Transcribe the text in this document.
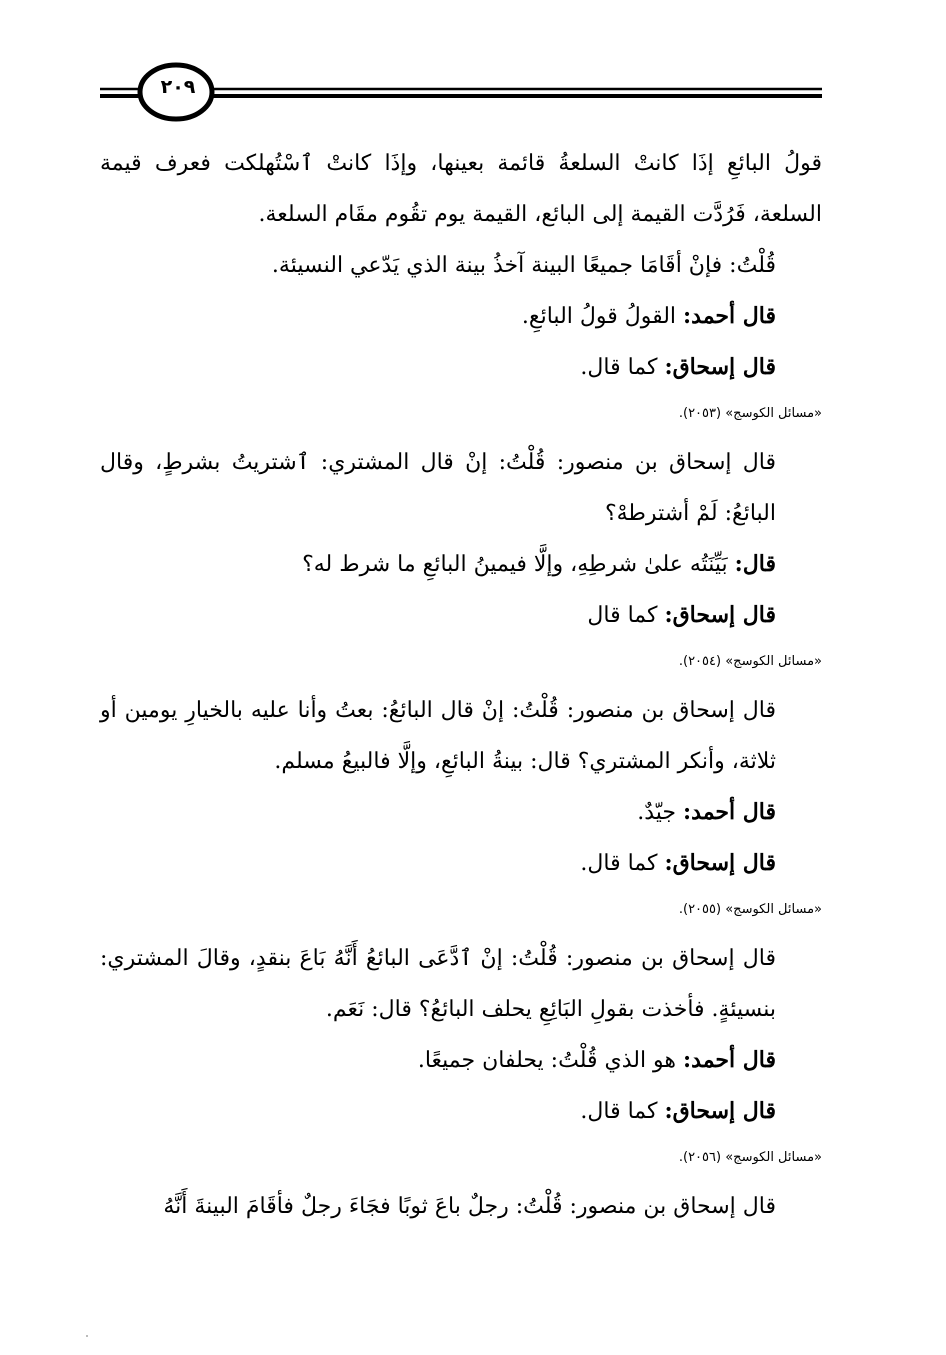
٢٠٩

قولُ البائعِ إذَا كانتْ السلعةُ قائمة بعينها، وإذَا كانتْ ٱسْتُهلكت فعرف قيمة السلعة، فَرُدَّت القيمة إلى البائع، القيمة يوم تقُوم مقَام السلعة.

قُلْتُ: فإنْ أقَامَا جميعًا البينة آخذُ بينة الذي يَدّعي النسيئة.

قال أحمد: القولُ قولُ البائعِ.

قال إسحاق: كما قال.

«مسائل الكوسج» (٢٠٥٣).

قال إسحاق بن منصور: قُلْتُ: إنْ قال المشتري: ٱشتريتُ بشرطٍ، وقال البائعُ: لَمْ أشترطهْ؟

قال: بَيِّنَتُه علىٰ شرطِهِ، وإلَّا فيمينُ البائعِ ما شرط له؟

قال إسحاق: كما قال

«مسائل الكوسج» (٢٠٥٤).

قال إسحاق بن منصور: قُلْتُ: إنْ قال البائعُ: بعتُ وأنا عليه بالخيارِ يومين أو ثلاثة، وأنكر المشتري؟ قال: بينةُ البائعِ، وإلَّا فالبيعُ مسلم.

قال أحمد: جيّدٌ.

قال إسحاق: كما قال.

«مسائل الكوسج» (٢٠٥٥).

قال إسحاق بن منصور: قُلْتُ: إنْ ٱدَّعَى البائعُ أَنَّهُ بَاعَ بنقدٍ، وقالَ المشتري: بنسيئةٍ. فأخذت بقولِ البَائِعِ يحلف البائعُ؟ قال: نَعَم.

قال أحمد: هو الذي قُلْتُ: يحلفان جميعًا.

قال إسحاق: كما قال.

«مسائل الكوسج» (٢٠٥٦).

قال إسحاق بن منصور: قُلْتُ: رجلٌ باعَ ثوبًا فجَاءَ رجلٌ فأقَامَ البينةَ أَنَّهُ
